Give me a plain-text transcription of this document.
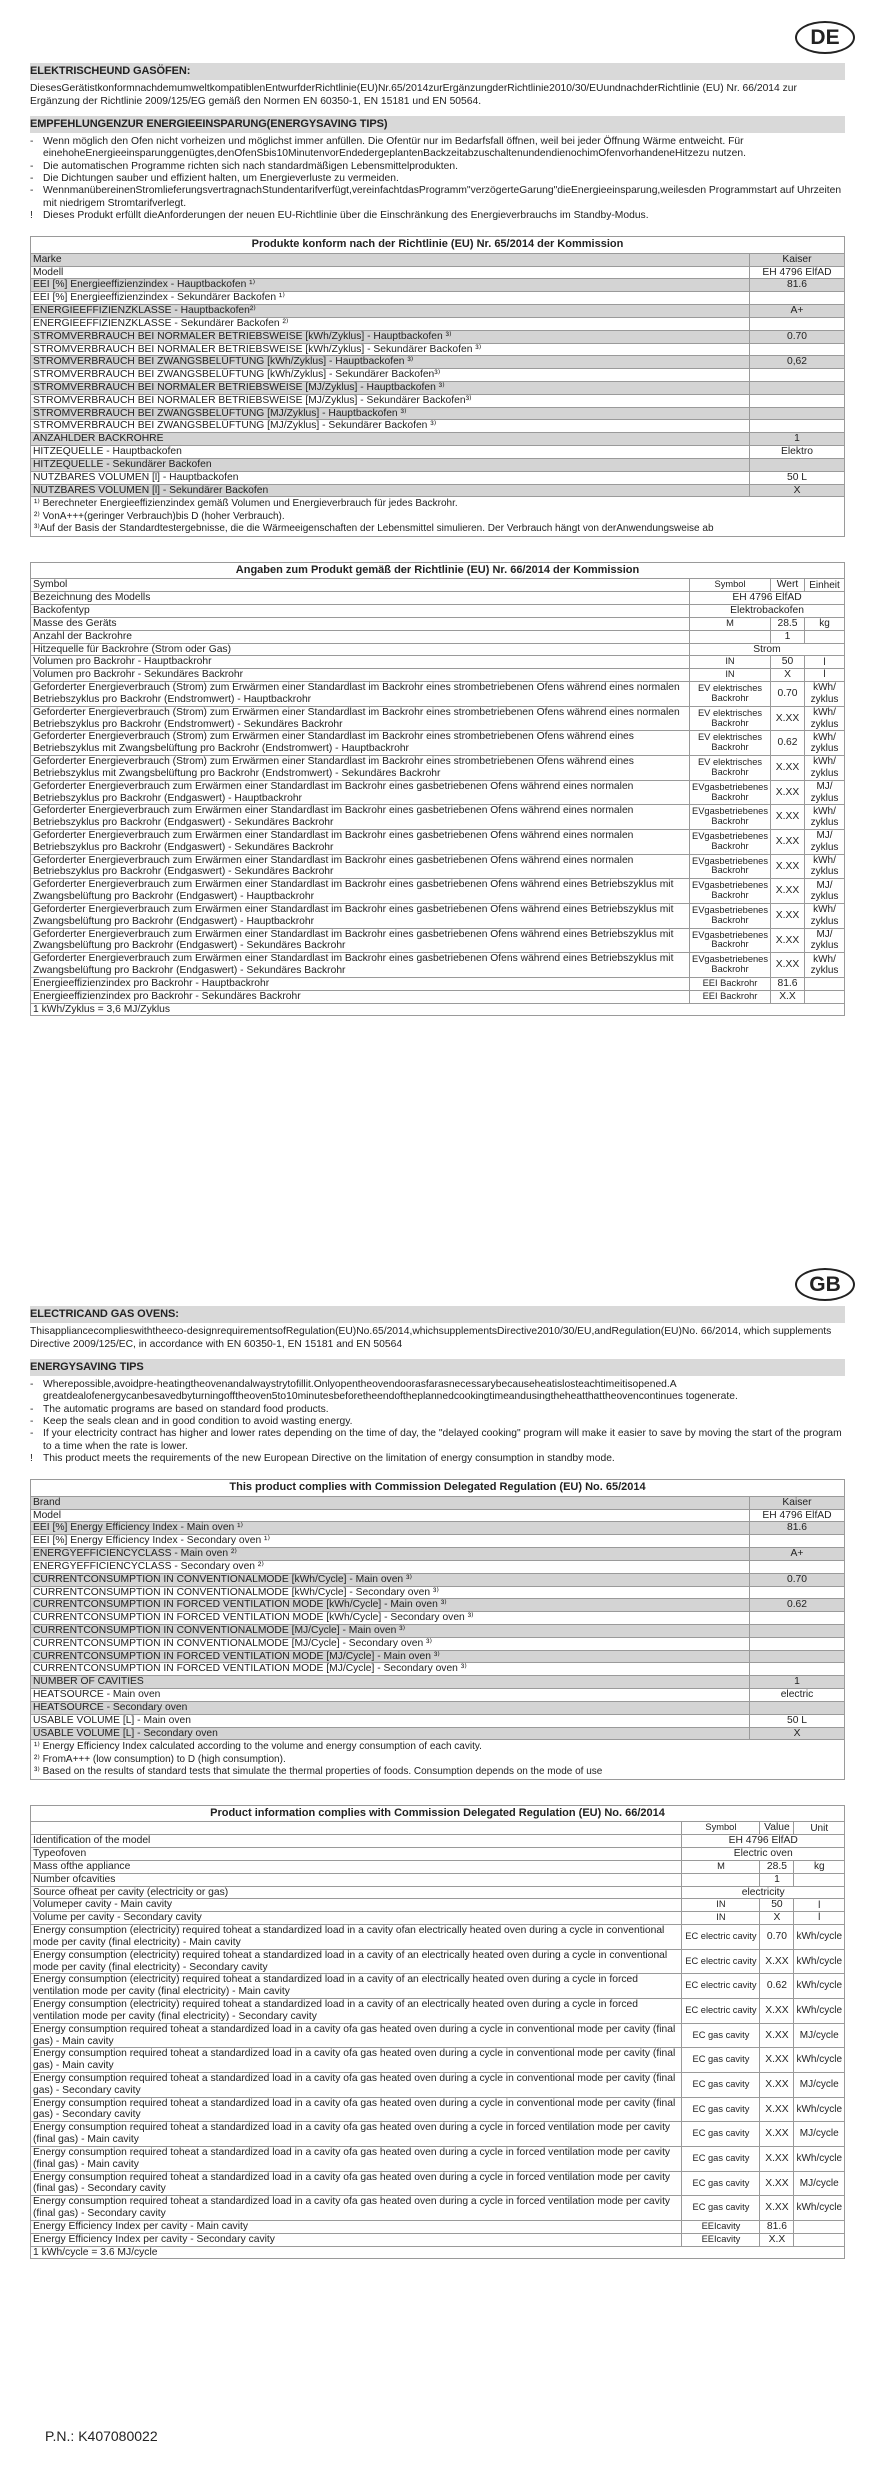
DE
ELEKTRISCHEUND GASÖFEN:
DiesesGerätistkonformnachdemumweltkompatiblenEntwurfderRichtlinie(EU)Nr.65/2014zurErgänzungderRichtlinie2010/30/EUundnachderRichtlinie (EU) Nr. 66/2014 zur Ergänzung der Richtlinie 2009/125/EG gemäß den Normen EN 60350-1, EN 15181 und EN 50564.
EMPFEHLUNGENZUR ENERGIEEINSPARUNG(ENERGYSAVING TIPS)
- Wenn möglich den Ofen nicht vorheizen und möglichst immer anfüllen. Die Ofentür nur im Bedarfsfall öffnen, weil bei jeder Öffnung Wärme entweicht. Für einehoheEnergieeinsparunggenügtes,denOfenSbis10MinutenvorEndedergeplantenBackzeitabzuschaltenundendienochimOfenvorhandeneHitzezu nutzen.
- Die automatischen Programme richten sich nach standardmäßigen Lebensmittelprodukten.
- Die Dichtungen sauber und effizient halten, um Energieverluste zu vermeiden.
- WennmanübereinenStromlieferungsvertragnachStundentarifverfügt,vereinfachtdasProgramm"verzögerteGarung"dieEnergieeinsparung,weilesden Programmstart auf Uhrzeiten mit niedrigem Stromtarifverlegt.
! Dieses Produkt erfüllt dieAnforderungen der neuen EU-Richtlinie über die Einschränkung des Energieverbrauchs im Standby-Modus.
Produkte konform nach der Richtlinie (EU) Nr. 65/2014 der Kommission
Marke	Kaiser
Modell	EH 4796 ElfAD
EEI [%] Energieeffizienzindex - Hauptbackofen ¹⁾	81.6
EEI [%] Energieeffizienzindex - Sekundärer Backofen ¹⁾	
ENERGIEEFFIZIENZKLASSE - Hauptbackofen²⁾	A+
ENERGIEEFFIZIENZKLASSE - Sekundärer Backofen ²⁾	
STROMVERBRAUCH BEI NORMALER BETRIEBSWEISE [kWh/Zyklus] - Hauptbackofen ³⁾	0.70
STROMVERBRAUCH BEI NORMALER BETRIEBSWEISE [kWh/Zyklus] - Sekundärer Backofen ³⁾	
STROMVERBRAUCH BEI ZWANGSBELÜFTUNG [kWh/Zyklus] - Hauptbackofen ³⁾	0,62
STROMVERBRAUCH BEI ZWANGSBELÜFTUNG [kWh/Zyklus] - Sekundärer Backofen³⁾	
STROMVERBRAUCH BEI NORMALER BETRIEBSWEISE [MJ/Zyklus] - Hauptbackofen ³⁾	
STROMVERBRAUCH BEI NORMALER BETRIEBSWEISE [MJ/Zyklus] - Sekundärer Backofen³⁾	
STROMVERBRAUCH BEI ZWANGSBELÜFTUNG [MJ/Zyklus] - Hauptbackofen ³⁾	
STROMVERBRAUCH BEI ZWANGSBELÜFTUNG [MJ/Zyklus] - Sekundärer Backofen ³⁾	
ANZAHLDER BACKROHRE	1
HITZEQUELLE - Hauptbackofen	Elektro
HITZEQUELLE - Sekundärer Backofen	
NUTZBARES VOLUMEN [l] - Hauptbackofen	50 L
NUTZBARES VOLUMEN [l] - Sekundärer Backofen	X
¹⁾ Berechneter Energieeffizienzindex gemäß Volumen und Energieverbrauch für jedes Backrohr.
²⁾ VonA+++(geringer Verbrauch)bis D (hoher Verbrauch).
³⁾Auf der Basis der Standardtestergebnisse, die die Wärmeeigenschaften der Lebensmittel simulieren. Der Verbrauch hängt von derAnwendungsweise ab
Angaben zum Produkt gemäß der Richtlinie (EU) Nr. 66/2014 der Kommission
Symbol	Symbol	Wert	Einheit
Bezeichnung des Modells	EH 4796 ElfAD		
Backofentyp	Elektrobackofen		
Masse des Geräts	M	28.5	kg
Anzahl der Backrohre		1	
Hitzequelle für Backrohre (Strom oder Gas)	Strom		
Volumen pro Backrohr - Hauptbackrohr	IN	50	l
Volumen pro Backrohr - Sekundäres Backrohr	IN	X	l
Geforderter Energieverbrauch (Strom) zum Erwärmen einer Standardlast im Backrohr eines strombetriebenen Ofens während eines normalen Betriebszyklus pro Backrohr (Endstromwert) - Hauptbackrohr	EV elektrisches Backrohr	0.70	kWh/ zyklus
Geforderter Energieverbrauch (Strom) zum Erwärmen einer Standardlast im Backrohr eines strombetriebenen Ofens während eines normalen Betriebszyklus pro Backrohr (Endstromwert) - Sekundäres Backrohr	EV elektrisches Backrohr	X.XX	kWh/ zyklus
Geforderter Energieverbrauch (Strom) zum Erwärmen einer Standardlast im Backrohr eines strombetriebenen Ofens während eines Betriebszyklus mit Zwangsbelüftung pro Backrohr (Endstromwert) - Hauptbackrohr	EV elektrisches Backrohr	0.62	kWh/ zyklus
Geforderter Energieverbrauch (Strom) zum Erwärmen einer Standardlast im Backrohr eines strombetriebenen Ofens während eines Betriebszyklus mit Zwangsbelüftung pro Backrohr (Endstromwert) - Sekundäres Backrohr	EV elektrisches Backrohr	X.XX	kWh/ zyklus
Geforderter Energieverbrauch zum Erwärmen einer Standardlast im Backrohr eines gasbetriebenen Ofens während eines normalen Betriebszyklus pro Backrohr (Endgaswert) - Hauptbackrohr	EVgasbetriebenes Backrohr	X.XX	MJ/ zyklus
Geforderter Energieverbrauch zum Erwärmen einer Standardlast im Backrohr eines gasbetriebenen Ofens während eines normalen Betriebszyklus pro Backrohr (Endgaswert) - Sekundäres Backrohr	EVgasbetriebenes Backrohr	X.XX	kWh/ zyklus
Geforderter Energieverbrauch zum Erwärmen einer Standardlast im Backrohr eines gasbetriebenen Ofens während eines normalen Betriebszyklus pro Backrohr (Endgaswert) - Sekundäres Backrohr	EVgasbetriebenes Backrohr	X.XX	MJ/ zyklus
Geforderter Energieverbrauch zum Erwärmen einer Standardlast im Backrohr eines gasbetriebenen Ofens während eines normalen Betriebszyklus pro Backrohr (Endgaswert) - Sekundäres Backrohr	EVgasbetriebenes Backrohr	X.XX	kWh/ zyklus
Geforderter Energieverbrauch zum Erwärmen einer Standardlast im Backrohr eines gasbetriebenen Ofens während eines Betriebszyklus mit Zwangsbelüftung pro Backrohr (Endgaswert) - Hauptbackrohr	EVgasbetriebenes Backrohr	X.XX	MJ/ zyklus
Geforderter Energieverbrauch zum Erwärmen einer Standardlast im Backrohr eines gasbetriebenen Ofens während eines Betriebszyklus mit Zwangsbelüftung pro Backrohr (Endgaswert) - Hauptbackrohr	EVgasbetriebenes Backrohr	X.XX	kWh/ zyklus
Geforderter Energieverbrauch zum Erwärmen einer Standardlast im Backrohr eines gasbetriebenen Ofens während eines Betriebszyklus mit Zwangsbelüftung pro Backrohr (Endgaswert) - Sekundäres Backrohr	EVgasbetriebenes Backrohr	X.XX	MJ/ zyklus
Geforderter Energieverbrauch zum Erwärmen einer Standardlast im Backrohr eines gasbetriebenen Ofens während eines Betriebszyklus mit Zwangsbelüftung pro Backrohr (Endgaswert) - Sekundäres Backrohr	EVgasbetriebenes Backrohr	X.XX	kWh/ zyklus
Energieeffizienzindex pro Backrohr - Hauptbackrohr	EEI Backrohr	81.6	
Energieeffizienzindex pro Backrohr - Sekundäres Backrohr	EEI Backrohr	X.X	
1 kWh/Zyklus = 3,6 MJ/Zyklus			
GB
ELECTRICAND GAS OVENS:
Thisappliancecomplieswiththeeco-designrequirementsofRegulation(EU)No.65/2014,whichsupplementsDirective2010/30/EU,andRegulation(EU)No. 66/2014, which supplements Directive 2009/125/EC, in accordance with EN 60350-1, EN 15181 and EN 50564
ENERGYSAVING TIPS
- Wherepossible,avoidpre-heatingtheovenandalwaystrytofillit.Onlyopentheovendoorasfarasnecessarybecauseheatislosteachtimeitisopened.A greatdealofenergycanbesavedbyturningofftheoven5to10minutesbeforetheendoftheplannedcookingtimeandusingtheheatthattheovencontinues togenerate.
- The automatic programs are based on standard food products.
- Keep the seals clean and in good condition to avoid wasting energy.
- If your electricity contract has higher and lower rates depending on the time of day, the "delayed cooking" program will make it easier to save by moving the start of the program to a time when the rate is lower.
! This product meets the requirements of the new European Directive on the limitation of energy consumption in standby mode.
This product complies with Commission Delegated Regulation (EU) No. 65/2014
Brand	Kaiser
Model	EH 4796 ElfAD
EEI [%] Energy Efficiency Index - Main oven ¹⁾	81.6
EEI [%] Energy Efficiency Index - Secondary oven ¹⁾	
ENERGYEFFICIENCYCLASS - Main oven ²⁾	A+
ENERGYEFFICIENCYCLASS - Secondary oven ²⁾	
CURRENTCONSUMPTION IN CONVENTIONALMODE [kWh/Cycle] - Main oven ³⁾	0.70
CURRENTCONSUMPTION IN CONVENTIONALMODE [kWh/Cycle] - Secondary oven ³⁾	
CURRENTCONSUMPTION IN FORCED VENTILATION MODE [kWh/Cycle] - Main oven ³⁾	0.62
CURRENTCONSUMPTION IN FORCED VENTILATION MODE [kWh/Cycle] - Secondary oven ³⁾	
CURRENTCONSUMPTION IN CONVENTIONALMODE [MJ/Cycle] - Main oven ³⁾	
CURRENTCONSUMPTION IN CONVENTIONALMODE [MJ/Cycle] - Secondary oven ³⁾	
CURRENTCONSUMPTION IN FORCED VENTILATION MODE [MJ/Cycle] - Main oven ³⁾	
CURRENTCONSUMPTION IN FORCED VENTILATION MODE [MJ/Cycle] - Secondary oven ³⁾	
NUMBER OF CAVITIES	1
HEATSOURCE - Main oven	electric
HEATSOURCE - Secondary oven	
USABLE VOLUME [L] - Main oven	50 L
USABLE VOLUME [L] - Secondary oven	X
¹⁾ Energy Efficiency Index calculated according to the volume and energy consumption of each cavity.
²⁾ FromA+++ (low consumption) to D (high consumption).
³⁾ Based on the results of standard tests that simulate the thermal properties of foods. Consumption depends on the mode of use
Product information complies with Commission Delegated Regulation (EU) No. 66/2014
	Symbol	Value	Unit
Identification of the model	EH 4796 ElfAD		
Typeofoven	Electric oven		
Mass ofthe appliance	M	28.5	kg
Number ofcavities		1	
Source ofheat per cavity (electricity or gas)	electricity		
Volumeper cavity - Main cavity	IN	50	l
Volume per cavity - Secondary cavity	IN	X	l
Energy consumption (electricity) required toheat a standardized load in a cavity ofan electrically heated oven during a cycle in conventional mode per cavity (final electricity) - Main cavity	EC electric cavity	0.70	kWh/cycle
Energy consumption (electricity) required toheat a standardized load in a cavity of an electrically heated oven during a cycle in conventional mode per cavity (final electricity) - Secondary cavity	EC electric cavity	X.XX	kWh/cycle
Energy consumption (electricity) required toheat a standardized load in a cavity of an electrically heated oven during a cycle in forced ventilation mode per cavity (final electricity) - Main cavity	EC electric cavity	0.62	kWh/cycle
Energy consumption (electricity) required toheat a standardized load in a cavity of an electrically heated oven during a cycle in forced ventilation mode per cavity (final electricity) - Secondary cavity	EC electric cavity	X.XX	kWh/cycle
Energy consumption required toheat a standardized load in a cavity ofa gas heated oven during a cycle in conventional mode per cavity (final gas) - Main cavity	EC gas cavity	X.XX	MJ/cycle
Energy consumption required toheat a standardized load in a cavity ofa gas heated oven during a cycle in conventional mode per cavity (final gas) - Main cavity	EC gas cavity	X.XX	kWh/cycle
Energy consumption required toheat a standardized load in a cavity ofa gas heated oven during a cycle in conventional mode per cavity (final gas) - Secondary cavity	EC gas cavity	X.XX	MJ/cycle
Energy consumption required toheat a standardized load in a cavity ofa gas heated oven during a cycle in conventional mode per cavity (final gas) - Secondary cavity	EC gas cavity	X.XX	kWh/cycle
Energy consumption required toheat a standardized load in a cavity ofa gas heated oven during a cycle in forced ventilation mode per cavity (final gas) - Main cavity	EC gas cavity	X.XX	MJ/cycle
Energy consumption required toheat a standardized load in a cavity ofa gas heated oven during a cycle in forced ventilation mode per cavity (final gas) - Main cavity	EC gas cavity	X.XX	kWh/cycle
Energy consumption required toheat a standardized load in a cavity ofa gas heated oven during a cycle in forced ventilation mode per cavity (final gas) - Secondary cavity	EC gas cavity	X.XX	MJ/cycle
Energy consumption required toheat a standardized load in a cavity ofa gas heated oven during a cycle in forced ventilation mode per cavity (final gas) - Secondary cavity	EC gas cavity	X.XX	kWh/cycle
Energy Efficiency Index per cavity - Main cavity	EEIcavity	81.6	
Energy Efficiency Index per cavity - Secondary cavity	EEIcavity	X.X	
1 kWh/cycle = 3.6 MJ/cycle			
P.N.: K407080022
